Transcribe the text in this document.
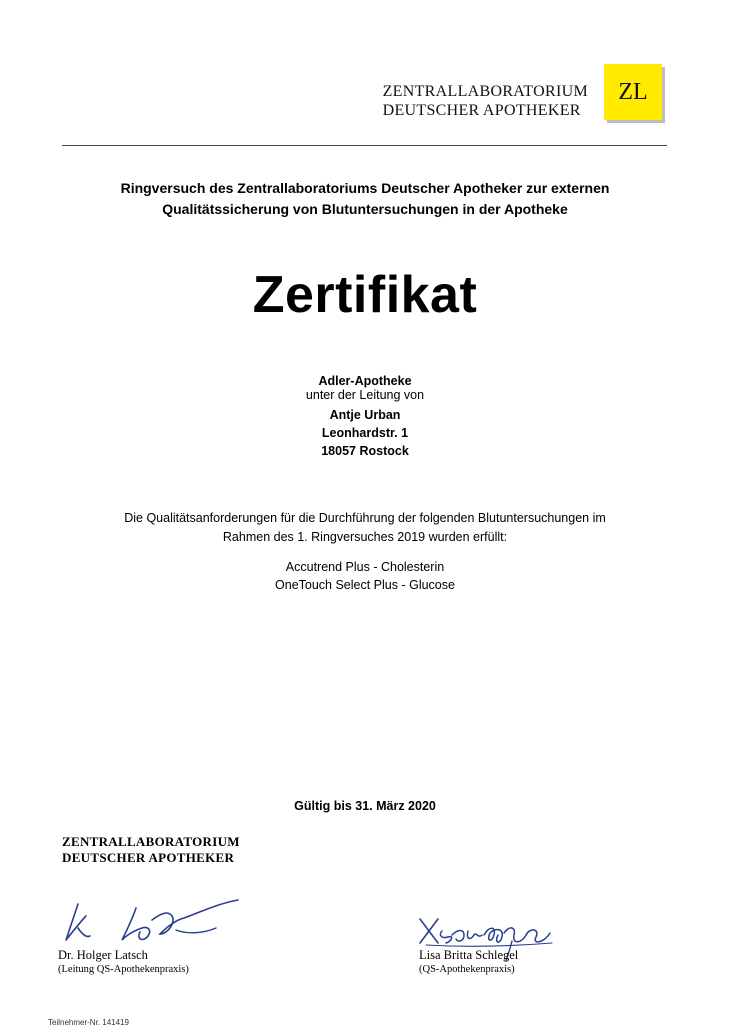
ZENTRALLABORATORIUM
DEUTSCHER APOTHEKER
ZL
Ringversuch des Zentrallaboratoriums Deutscher Apotheker zur externen
Qualitätssicherung von Blutuntersuchungen in der Apotheke
Zertifikat
Adler-Apotheke
unter der Leitung von
Antje Urban
Leonhardstr. 1
18057 Rostock
Die Qualitätsanforderungen für die Durchführung der folgenden Blutuntersuchungen im
Rahmen des 1. Ringversuches 2019 wurden erfüllt:
Accutrend Plus - Cholesterin
OneTouch Select Plus - Glucose
Gültig bis 31. März 2020
ZENTRALLABORATORIUM
DEUTSCHER APOTHEKER
Dr. Holger Latsch
(Leitung QS-Apothekenpraxis)
Lisa Britta Schlegel
(QS-Apothekenpraxis)
Teilnehmer-Nr. 141419
